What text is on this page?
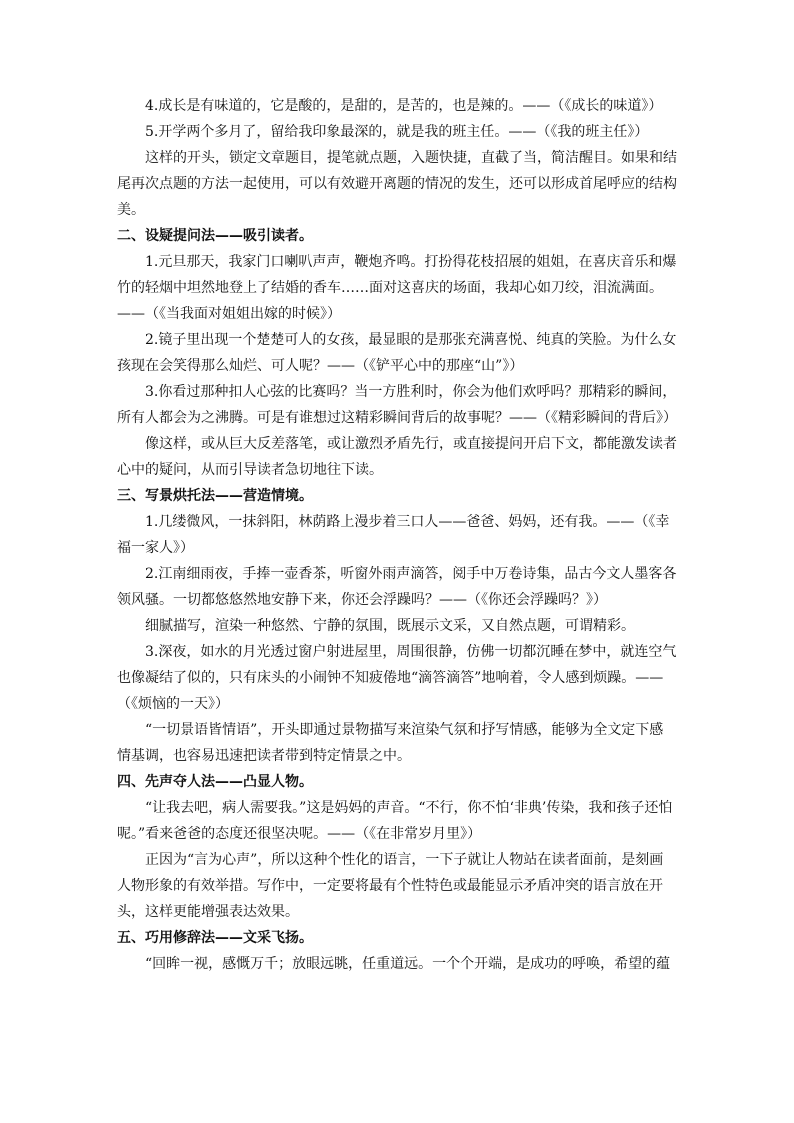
4.成长是有味道的，它是酸的，是甜的，是苦的，也是辣的。——（《成长的味道》）

5.开学两个多月了，留给我印象最深的，就是我的班主任。——（《我的班主任》）

这样的开头，锁定文章题目，提笔就点题，入题快捷，直截了当，简洁醒目。如果和结尾再次点题的方法一起使用，可以有效避开离题的情况的发生，还可以形成首尾呼应的结构美。

二、设疑提问法——吸引读者。

1.元旦那天，我家门口喇叭声声，鞭炮齐鸣。打扮得花枝招展的姐姐，在喜庆音乐和爆竹的轻烟中坦然地登上了结婚的香车……面对这喜庆的场面，我却心如刀绞，泪流满面。——（《当我面对姐姐出嫁的时候》）

2.镜子里出现一个楚楚可人的女孩，最显眼的是那张充满喜悦、纯真的笑脸。为什么女孩现在会笑得那么灿烂、可人呢？——（《铲平心中的那座“山”》）

3.你看过那种扣人心弦的比赛吗？当一方胜利时，你会为他们欢呼吗？那精彩的瞬间，所有人都会为之沸腾。可是有谁想过这精彩瞬间背后的故事呢？——（《精彩瞬间的背后》）

像这样，或从巨大反差落笔，或让激烈矛盾先行，或直接提问开启下文，都能激发读者心中的疑问，从而引导读者急切地往下读。

三、写景烘托法——营造情境。

1.几缕微风，一抹斜阳，林荫路上漫步着三口人——爸爸、妈妈，还有我。——（《幸福一家人》）

2.江南细雨夜，手捧一壶香茶，听窗外雨声滴答，阅手中万卷诗集，品古今文人墨客各领风骚。一切都悠悠然地安静下来，你还会浮躁吗？——（《你还会浮躁吗？》）

细腻描写，渲染一种悠然、宁静的氛围，既展示文采，又自然点题，可谓精彩。

3.深夜，如水的月光透过窗户射进屋里，周围很静，仿佛一切都沉睡在梦中，就连空气也像凝结了似的，只有床头的小闹钟不知疲倦地“滴答滴答”地响着，令人感到烦躁。——（《烦恼的一天》）

“一切景语皆情语”，开头即通过景物描写来渲染气氛和抒写情感，能够为全文定下感情基调，也容易迅速把读者带到特定情景之中。

四、先声夺人法——凸显人物。

“让我去吧，病人需要我。”这是妈妈的声音。“不行，你不怕‘非典’传染，我和孩子还怕呢。”看来爸爸的态度还很坚决呢。——（《在非常岁月里》）

正因为“言为心声”，所以这种个性化的语言，一下子就让人物站在读者面前，是刻画人物形象的有效举措。写作中，一定要将最有个性特色或最能显示矛盾冲突的语言放在开头，这样更能增强表达效果。

五、巧用修辞法——文采飞扬。

“回眸一视，感慨万千；放眼远眺，任重道远。一个个开端，是成功的呼唤，希望的蕴
